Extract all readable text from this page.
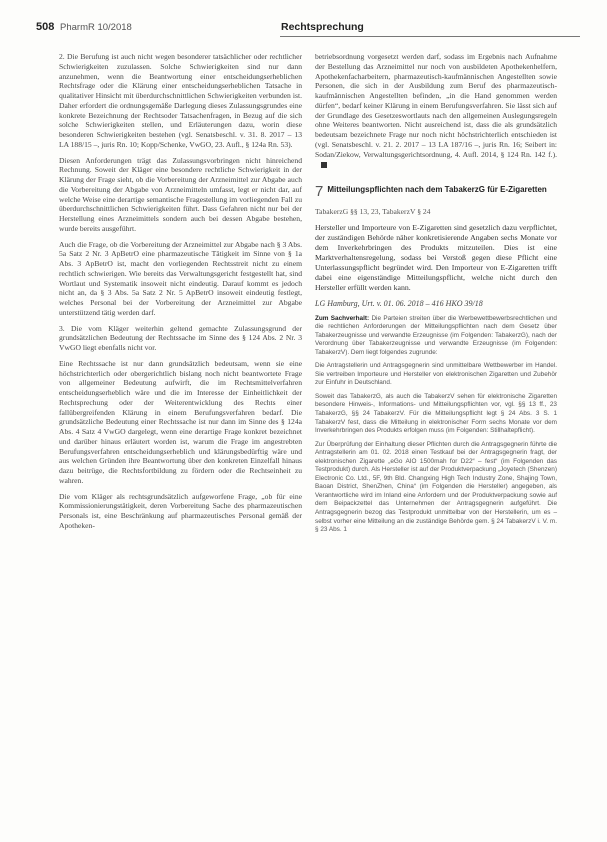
508 PharmR 10/2018	Rechtsprechung

2. Die Berufung ist auch nicht wegen besonderer tatsächlicher oder rechtlicher Schwierigkeiten zuzulassen. Solche Schwierigkeiten sind nur dann anzunehmen, wenn die Beantwortung einer entscheidungserheblichen Rechtsfrage oder die Klärung einer entscheidungserheblichen Tatsache in qualitativer Hinsicht mit überdurchschnittlichen Schwierigkeiten verbunden ist. Daher erfordert die ordnungsgemäße Darlegung dieses Zulassungsgrundes eine konkrete Bezeichnung der Rechtsoder Tatsachenfragen, in Bezug auf die sich solche Schwierigkeiten stellen, und Erläuterungen dazu, worin diese besonderen Schwierigkeiten bestehen (vgl. Senatsbeschl. v. 31. 8. 2017 – 13 LA 188/15 –, juris Rn. 10; Kopp/Schenke, VwGO, 23. Aufl., § 124a Rn. 53).

Diesen Anforderungen trägt das Zulassungsvorbringen nicht hinreichend Rechnung. Soweit der Kläger eine besondere rechtliche Schwierigkeit in der Klärung der Frage sieht, ob die Vorbereitung der Arzneimittel zur Abgabe auch die Vorbereitung der Abgabe von Arzneimitteln umfasst, legt er nicht dar, auf welche Weise eine derartige semantische Fragestellung im vorliegenden Fall zu überdurchschnittlichen Schwierigkeiten führt. Dass Gefahren nicht nur bei der Herstellung eines Arzneimittels sondern auch bei dessen Abgabe bestehen, wurde bereits ausgeführt.

Auch die Frage, ob die Vorbereitung der Arzneimittel zur Abgabe nach § 3 Abs. 5a Satz 2 Nr. 3 ApBetrO eine pharmazeutische Tätigkeit im Sinne von § 1a Abs. 3 ApBetrO ist, macht den vorliegenden Rechtsstreit nicht zu einem rechtlich schwierigen. Wie bereits das Verwaltungsgericht festgestellt hat, sind Wortlaut und Systematik insoweit nicht eindeutig. Darauf kommt es jedoch nicht an, da § 3 Abs. 5a Satz 2 Nr. 5 ApBetrO insoweit eindeutig festlegt, welches Personal bei der Vorbereitung der Arzneimittel zur Abgabe unterstützend tätig werden darf.

3. Die vom Kläger weiterhin geltend gemachte Zulassungsgrund der grundsätzlichen Bedeutung der Rechtssache im Sinne des § 124 Abs. 2 Nr. 3 VwGO liegt ebenfalls nicht vor.

Eine Rechtssache ist nur dann grundsätzlich bedeutsam, wenn sie eine höchstrichterlich oder obergerichtlich bislang noch nicht beantwortete Frage von allgemeiner Bedeutung aufwirft, die im Rechtsmittelverfahren entscheidungserheblich wäre und die im Interesse der Einheitlichkeit der Rechtsprechung oder der Weiterentwicklung des Rechts einer fallübergreifenden Klärung in einem Berufungsverfahren bedarf. Die grundsätzliche Bedeutung einer Rechtssache ist nur dann im Sinne des § 124a Abs. 4 Satz 4 VwGO dargelegt, wenn eine derartige Frage konkret bezeichnet und darüber hinaus erläutert worden ist, warum die Frage im angestrebten Berufungsverfahren entscheidungserheblich und klärungsbedürftig wäre und aus welchen Gründen ihre Beantwortung über den konkreten Einzelfall hinaus dazu beitrüge, die Rechtsfortbildung zu fördern oder die Rechtseinheit zu wahren.

Die vom Kläger als rechtsgrundsätzlich aufgeworfene Frage, „ob für eine Kommissionierungstätigkeit, deren Vorbereitung Sache des pharmazeutischen Personals ist, eine Beschränkung auf pharmazeutisches Personal gemäß der Apotheken-

betriebsordnung vorgesetzt werden darf, sodass im Ergebnis nach Aufnahme der Bestellung das Arzneimittel nur noch von ausbildeten Apothekenhelfern, Apothekenfacharbeitern, pharmazeutisch-kaufmännischen Angestellten sowie Personen, die sich in der Ausbildung zum Beruf des pharmazeutisch-kaufmännischen Angestellten befinden, „in die Hand genommen werden dürfen“, bedarf keiner Klärung in einem Berufungsverfahren. Sie lässt sich auf der Grundlage des Gesetzeswortlauts nach den allgemeinen Auslegungsregeln ohne Weiteres beantworten. Nicht ausreichend ist, dass die als grundsätzlich bedeutsam bezeichnete Frage nur noch nicht höchstrichterlich entschieden ist (vgl. Senatsbeschl. v. 21. 2. 2017 – 13 LA 187/16 –, juris Rn. 16; Seibert in: Sodan/Ziekow, Verwaltungsgerichtsordnung, 4. Aufl. 2014, § 124 Rn. 142 f.).

7 Mitteilungspflichten nach dem TabakerzG für E-Zigaretten

TabakerzG §§ 13, 23, TabakerzV § 24

Hersteller und Importeure von E-Zigaretten sind gesetzlich dazu verpflichtet, der zuständigen Behörde näher konkretisierende Angaben sechs Monate vor dem Inverkehrbringen des Produkts mitzuteilen. Dies ist eine Marktverhaltensregelung, sodass bei Verstoß gegen diese Pflicht eine Unterlassungspflicht begründet wird. Den Importeur von E-Zigaretten trifft dabei eine eigenständige Mitteilungspflicht, welche nicht durch den Hersteller erfüllt werden kann.

LG Hamburg, Urt. v. 01. 06. 2018 – 416 HKO 39/18

Zum Sachverhalt: Die Parteien streiten über die Werbewettbewerbsrechtlichen und die rechtlichen Anforderungen der Mitteilungspflichten nach dem Gesetz über Tabakerzeugnisse und verwandte Erzeugnisse (im Folgenden: TabakerzG), nach der Verordnung über Tabakerzeugnisse und verwandte Erzeugnisse (im Folgenden: TabakerzV). Dem liegt folgendes zugrunde:

Die Antragstellerin und Antragsgegnerin sind unmittelbare Wettbewerber im Handel. Sie vertreiben Importeure und Hersteller von elektronischen Zigaretten und Zubehör zur Einfuhr in Deutschland.

Soweit das TabakerzG, als auch die TabakerzV sehen für elektronische Zigaretten besondere Hinweis-, Informations- und Mitteilungspflichten vor, vgl. §§ 13 ff., 23 TabakerzG, §§ 24 TabakerzV. Für die Mitteilungspflicht legt § 24 Abs. 3 S. 1 TabakerzV fest, dass die Mitteilung in elektronischer Form sechs Monate vor dem Inverkehrbringen des Produkts erfolgen muss (im Folgenden: Stillhaltepflicht).

Zur Überprüfung der Einhaltung dieser Pflichten durch die Antragsgegnerin führte die Antragstellerin am 01. 02. 2018 einen Testkauf bei der Antragsgegnerin fragt, der elektronischen Zigarette „eGo AIO 1500mah for D22“ – fest“ (im Folgenden das Testprodukt) durch. Als Hersteller ist auf der Produktverpackung „Joyetech (Shenzen) Electronic Co. Ltd., 5F, 9th Bld. Changxing High Tech Industry Zone, Shajing Town, Baoan District, ShenZhen, China“ (im Folgenden die Hersteller) angegeben, als Verantwortliche wird im Inland eine Anfordern und der Produktverpackung sowie auf dem Beipackzettel das Unternehmen der Antragsgegnerin aufgeführt. Die Antragsgegnerin bezog das Testprodukt unmittelbar von der Herstellerin, um es – selbst vorher eine Mitteilung an die zuständige Behörde gem. § 24 TabakerzV i. V. m. § 23 Abs. 1
